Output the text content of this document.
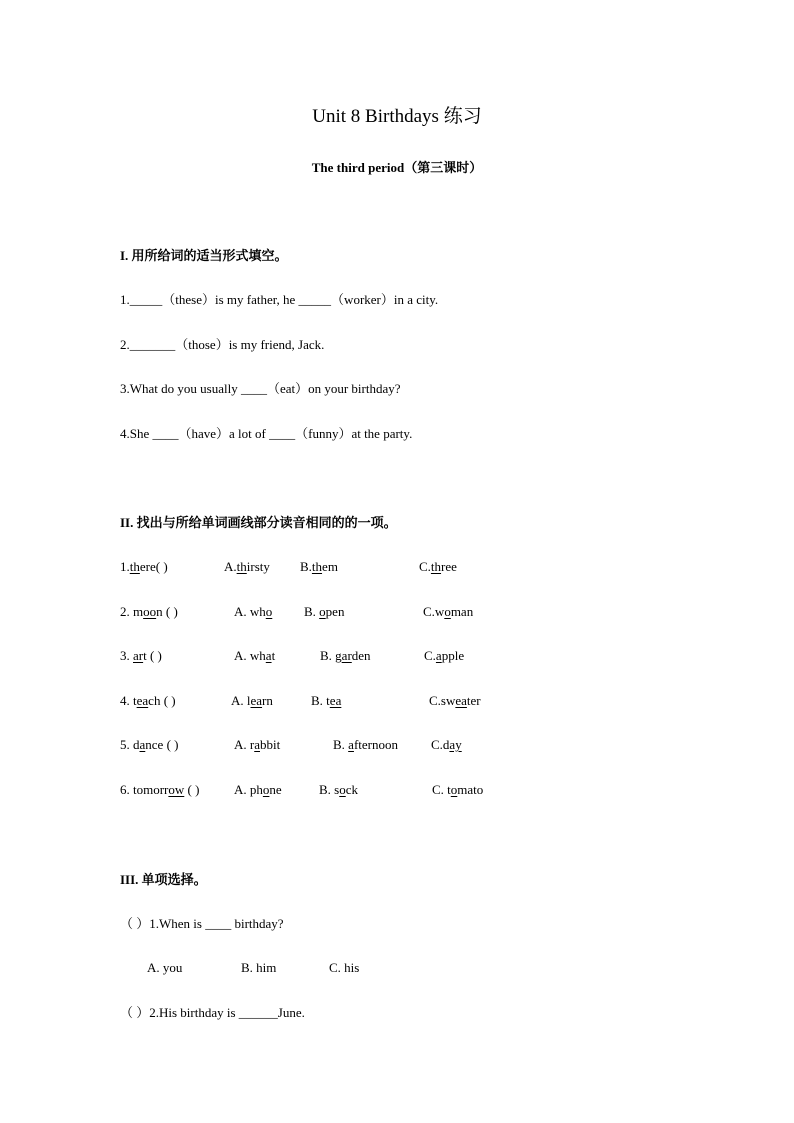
Unit 8 Birthdays 练习
The third period（第三课时）
I. 用所给词的适当形式填空。
1._____（these）is my father, he _____（worker）in a city.
2._______（those）is my friend, Jack.
3.What do you usually ____（eat）on your birthday?
4.She ____（have）a lot of ____（funny）at the party.
II. 找出与所给单词画线部分读音相同的的一项。
1.there( )	A.thirsty B.them	C.three
2. moon ( )	A. who B. open	C.woman
3. art ( )	A. what	B. garden	C.apple
4. teach ( )	A. learn	B. tea	C.sweater
5. dance ( )	A. rabbit	B. afternoon	C.day
6. tomorrow ( )	A. phone	B. sock	C. tomato
III. 单项选择。
（ ）1.When is ____ birthday?
A. you	B. him	C. his
（ ）2.His birthday is ______June.
